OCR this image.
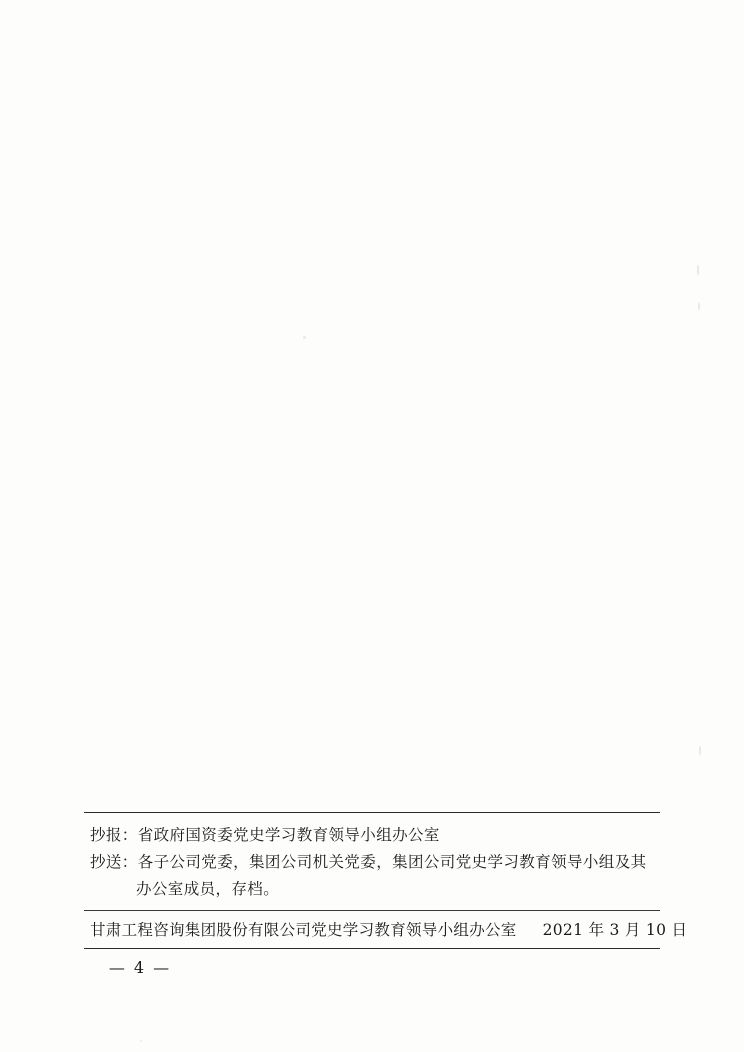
抄报： 省政府国资委党史学习教育领导小组办公室
抄送： 各子公司党委，集团公司机关党委，集团公司党史学习教育领导小组及其
办公室成员，存档。
甘肃工程咨询集团股份有限公司党史学习教育领导小组办公室 2021 年 3 月 10 日
— 4 —
